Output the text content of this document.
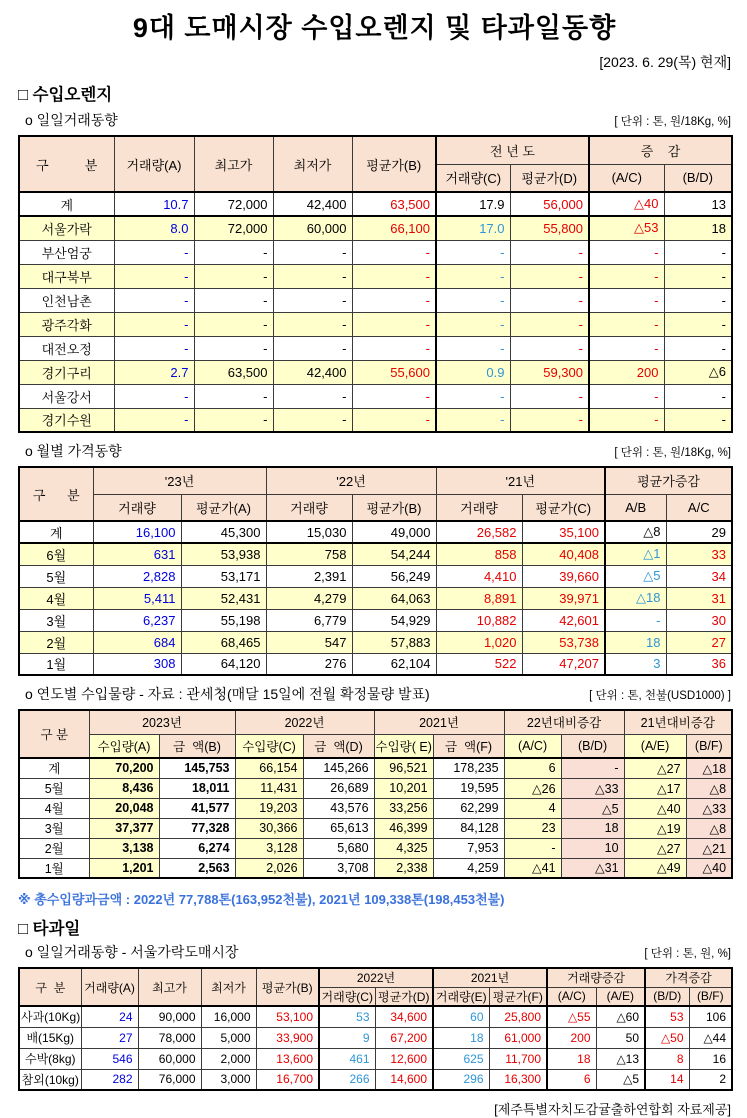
9대 도매시장 수입오렌지 및 타과일동향
[2023. 6. 29(목) 현재]
□ 수입오렌지
o 일일거래동향	[ 단위 : 톤, 원/18Kg, %]
구          분	거래량(A)	최고가	최저가	평균가(B)	전 년 도		증    감	
					거래량(C)	평균가(D)	(A/C)	(B/D)
계	10.7	72,000	42,400	63,500	17.9	56,000	△40	13
서울가락	8.0	72,000	60,000	66,100	17.0	55,800	△53	18
부산엄궁	-	-	-	-	-	-	-	-
대구북부	-	-	-	-	-	-	-	-
인천남촌	-	-	-	-	-	-	-	-
광주각화	-	-	-	-	-	-	-	-
대전오정	-	-	-	-	-	-	-	-
경기구리	2.7	63,500	42,400	55,600	0.9	59,300	200	△6
서울강서	-	-	-	-	-	-	-	-
경기수원	-	-	-	-	-	-	-	-
o 월별 가격동향	[ 단위 : 톤, 원/18Kg, %]
구      분	'23년		'22년		'21년		평균가증감	
	거래량	평균가(A)	거래량	평균가(B)	거래량	평균가(C)	A/B	A/C
계	16,100	45,300	15,030	49,000	26,582	35,100	△8	29
6월	631	53,938	758	54,244	858	40,408	△1	33
5월	2,828	53,171	2,391	56,249	4,410	39,660	△5	34
4월	5,411	52,431	4,279	64,063	8,891	39,971	△18	31
3월	6,237	55,198	6,779	54,929	10,882	42,601	-	30
2월	684	68,465	547	57,883	1,020	53,738	18	27
1월	308	64,120	276	62,104	522	47,207	3	36
o 연도별 수입물량 - 자료 : 관세청(매달 15일에 전월 확정물량 발표)	[ 단위 : 톤, 천불(USD1000) ]
구 분	2023년		2022년		2021년		22년대비증감		21년대비증감	
	수입량(A)	금  액(B)	수입량(C)	금  액(D)	수입량( E)	금  액(F)	(A/C)	(B/D)	(A/E)	(B/F)
계	70,200	145,753	66,154	145,266	96,521	178,235	6	-	△27	△18
5월	8,436	18,011	11,431	26,689	10,201	19,595	△26	△33	△17	△8
4월	20,048	41,577	19,203	43,576	33,256	62,299	4	△5	△40	△33
3월	37,377	77,328	30,366	65,613	46,399	84,128	23	18	△19	△8
2월	3,138	6,274	3,128	5,680	4,325	7,953	-	10	△27	△21
1월	1,201	2,563	2,026	3,708	2,338	4,259	△41	△31	△49	△40
※ 총수입량과금액 : 2022년 77,788톤(163,952천불), 2021년 109,338톤(198,453천불)
□ 타과일
o 일일거래동향 - 서울가락도매시장	[ 단위 : 톤, 원, %]
구  분	거래량(A)	최고가	최저가	평균가(B)	2022년		2021년		거래량증감		가격증감	
					거래량(C)	평균가(D)	거래량(E)	평균가(F)	(A/C)	(A/E)	(B/D)	(B/F)
사과(10Kg)	24	90,000	16,000	53,100	53	34,600	60	25,800	△55	△60	53	106
배(15Kg)	27	78,000	5,000	33,900	9	67,200	18	61,000	200	50	△50	△44
수박(8kg)	546	60,000	2,000	13,600	461	12,600	625	11,700	18	△13	8	16
참외(10kg)	282	76,000	3,000	16,700	266	14,600	296	16,300	6	△5	14	2
[제주특별자치도감귤출하연합회 자료제공]
